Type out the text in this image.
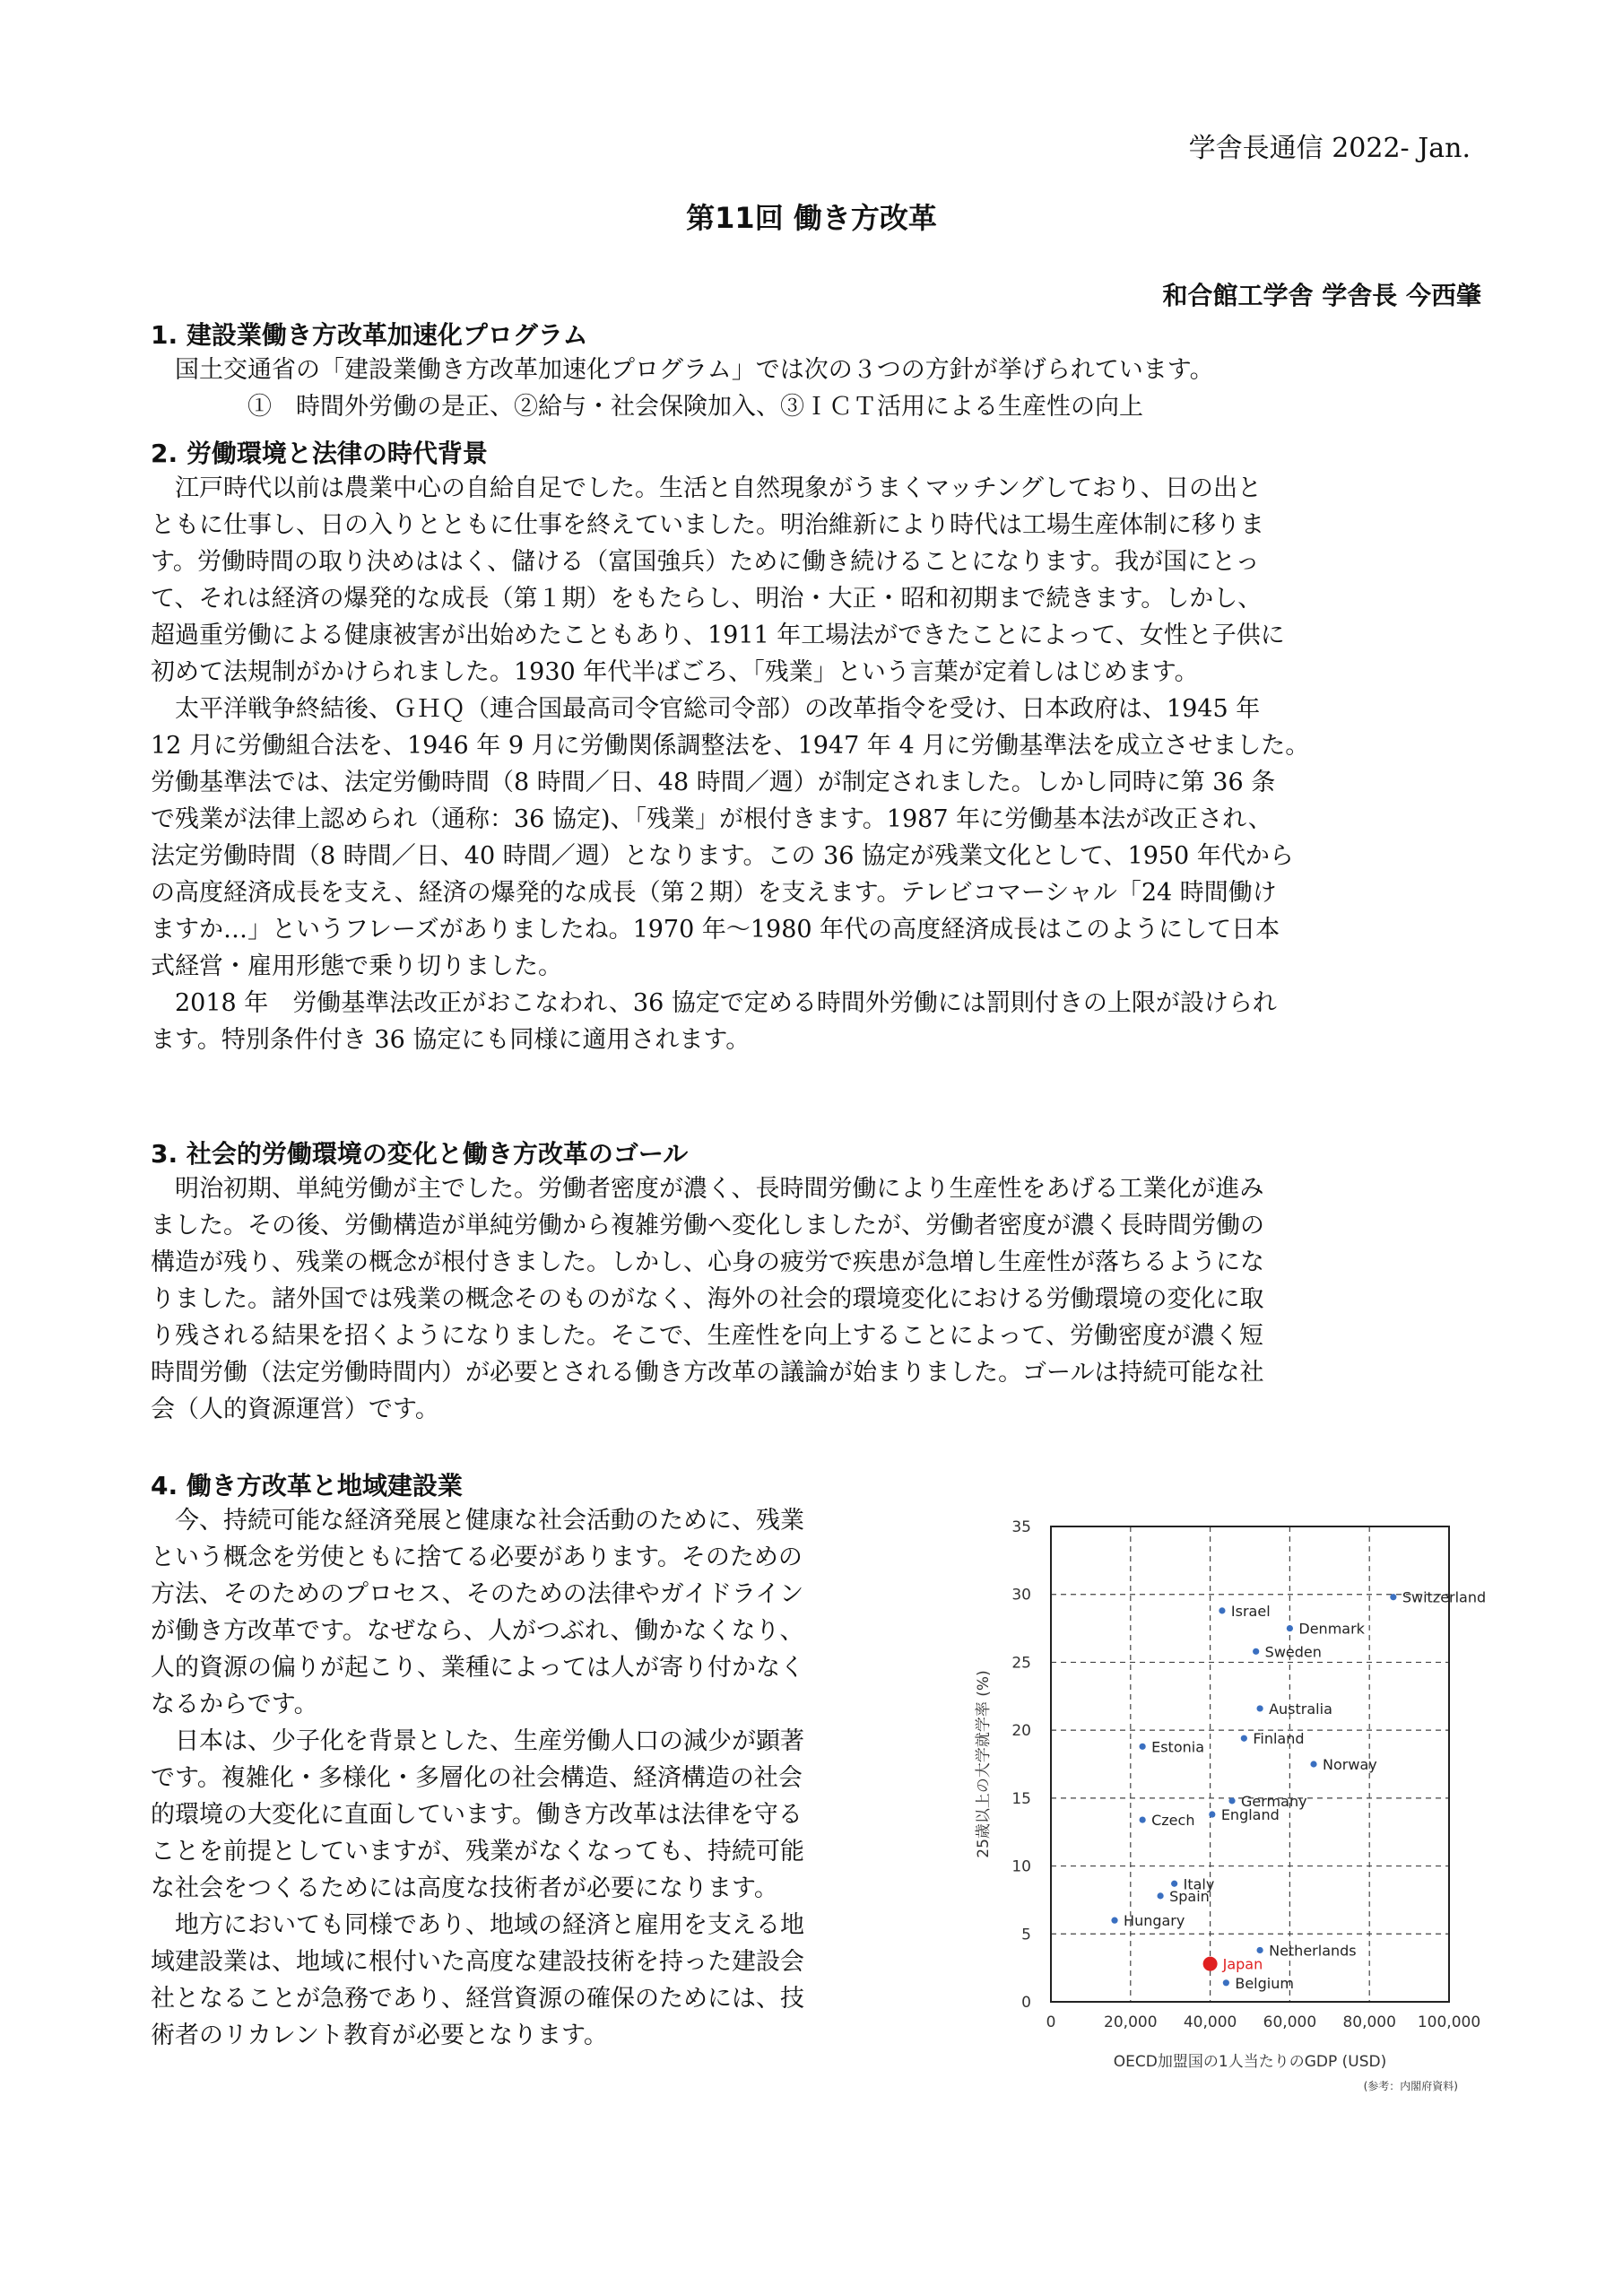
学舎長通信 2022- Jan.
第11回 働き方改革
和合館工学舎 学舎長 今西肇
1. 建設業働き方改革加速化プログラム
国土交通省の「建設業働き方改革加速化プログラム」では次の３つの方針が挙げられています。
①　時間外労働の是正、②給与・社会保険加入、③ＩＣＴ活用による生産性の向上
2. 労働環境と法律の時代背景
江戸時代以前は農業中心の自給自足でした。生活と自然現象がうまくマッチングしており、日の出と
ともに仕事し、日の入りとともに仕事を終えていました。明治維新により時代は工場生産体制に移りま
す。労働時間の取り決めははく、儲ける（富国強兵）ために働き続けることになります。我が国にとっ
て、それは経済の爆発的な成長（第１期）をもたらし、明治・大正・昭和初期まで続きます。しかし、
超過重労働による健康被害が出始めたこともあり、1911 年工場法ができたことによって、女性と子供に
初めて法規制がかけられました。1930 年代半ばごろ、「残業」という言葉が定着しはじめます。
太平洋戦争終結後、ＧＨＱ（連合国最高司令官総司令部）の改革指令を受け、日本政府は、1945 年
12 月に労働組合法を、1946 年 9 月に労働関係調整法を、1947 年 4 月に労働基準法を成立させました。
労働基準法では、法定労働時間（8 時間／日、48 時間／週）が制定されました。しかし同時に第 36 条
で残業が法律上認められ（通称：36 協定)、「残業」が根付きます。1987 年に労働基本法が改正され、
法定労働時間（8 時間／日、40 時間／週）となります。この 36 協定が残業文化として、1950 年代から
の高度経済成長を支え、経済の爆発的な成長（第２期）を支えます。テレビコマーシャル「24 時間働け
ますか…」というフレーズがありましたね。1970 年～1980 年代の高度経済成長はこのようにして日本
式経営・雇用形態で乗り切りました。
2018 年　労働基準法改正がおこなわれ、36 協定で定める時間外労働には罰則付きの上限が設けられ
ます。特別条件付き 36 協定にも同様に適用されます。
3. 社会的労働環境の変化と働き方改革のゴール
明治初期、単純労働が主でした。労働者密度が濃く、長時間労働により生産性をあげる工業化が進み
ました。その後、労働構造が単純労働から複雑労働へ変化しましたが、労働者密度が濃く長時間労働の
構造が残り、残業の概念が根付きました。しかし、心身の疲労で疾患が急増し生産性が落ちるようにな
りました。諸外国では残業の概念そのものがなく、海外の社会的環境変化における労働環境の変化に取
り残される結果を招くようになりました。そこで、生産性を向上することによって、労働密度が濃く短
時間労働（法定労働時間内）が必要とされる働き方改革の議論が始まりました。ゴールは持続可能な社
会（人的資源運営）です。
4. 働き方改革と地域建設業
今、持続可能な経済発展と健康な社会活動のために、残業
という概念を労使ともに捨てる必要があります。そのための
方法、そのためのプロセス、そのための法律やガイドライン
が働き方改革です。なぜなら、人がつぶれ、働かなくなり、
人的資源の偏りが起こり、業種によっては人が寄り付かなく
なるからです。
日本は、少子化を背景とした、生産労働人口の減少が顕著
です。複雑化・多様化・多層化の社会構造、経済構造の社会
的環境の大変化に直面しています。働き方改革は法律を守る
ことを前提としていますが、残業がなくなっても、持続可能
な社会をつくるためには高度な技術者が必要になります。
地方においても同様であり、地域の経済と雇用を支える地
域建設業は、地域に根付いた高度な建設技術を持った建設会
社となることが急務であり、経営資源の確保のためには、技
術者のリカレント教育が必要となります。	0	20,000 40,000 60,000 80,000 100,000
0
5
10
15
20
25
30
35
Switzerland
Israel
Denmark
Sweden
Australia
Finland
Estonia
Norway
Germany
England
Czech
Italy
Spain
Hungary
Netherlands
Japan
Belgium
25歳以上の大学就学率 (%)
OECD加盟国の1人当たりのGDP (USD)
(参考：内閣府資料)
